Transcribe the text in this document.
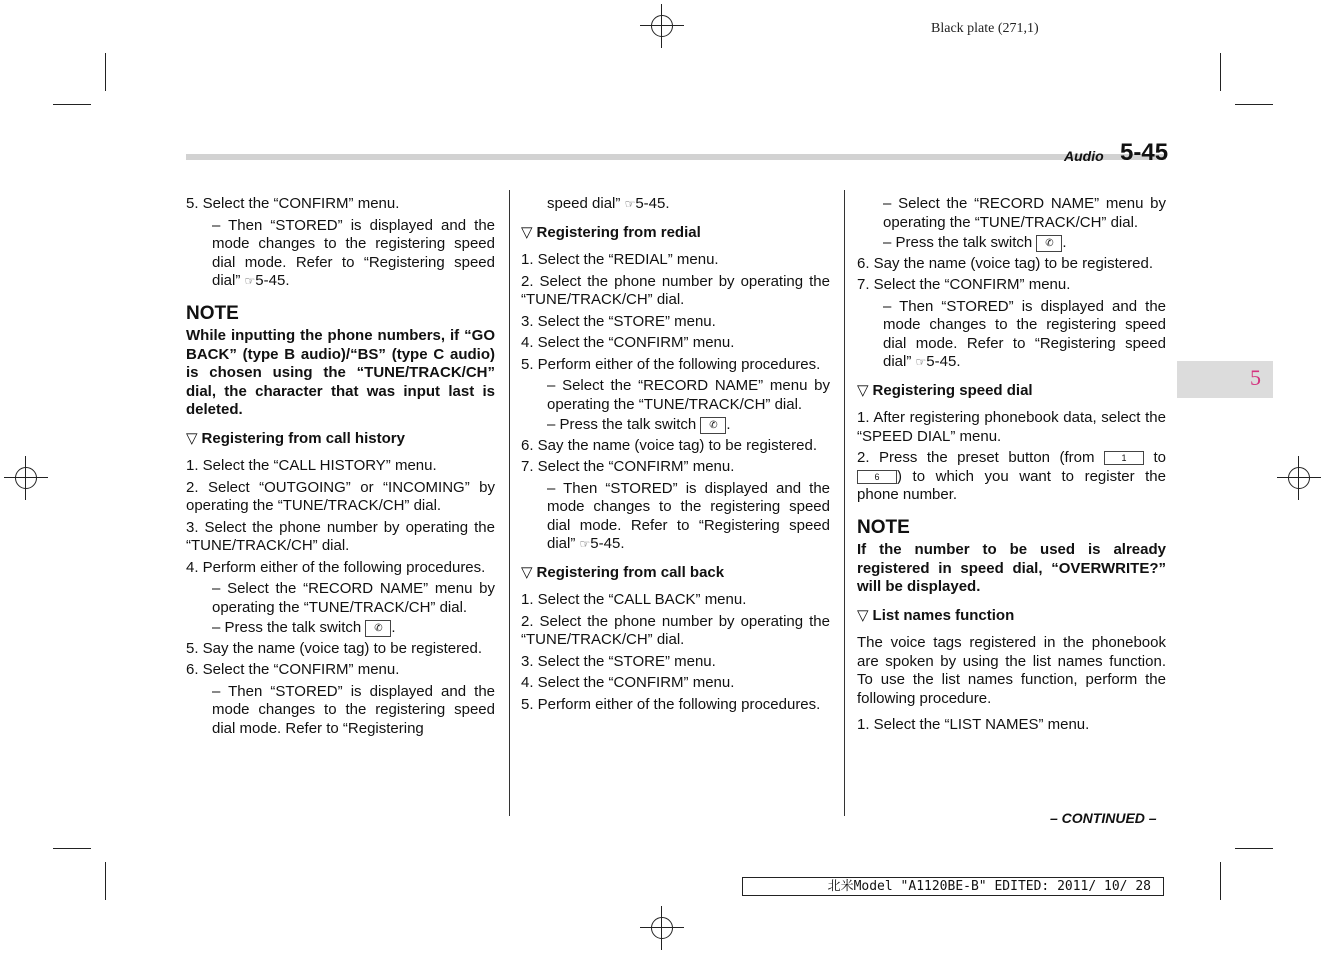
Black plate (271,1)
Audio 5-45
5

5. Select the “CONFIRM” menu.

– Then “STORED” is displayed and the mode changes to the registering speed dial mode. Refer to “Registering speed dial” ☞5-45.

NOTE

While inputting the phone numbers, if “GO BACK” (type B audio)/“BS” (type C audio) is chosen using the “TUNE/TRACK/CH” dial, the character that was input last is deleted.

▽ Registering from call history

1. Select the “CALL HISTORY” menu.

2. Select “OUTGOING” or “INCOMING” by operating the “TUNE/TRACK/CH” dial.

3. Select the phone number by operating the “TUNE/TRACK/CH” dial.

4. Perform either of the following procedures.

– Select the “RECORD NAME” menu by operating the “TUNE/TRACK/CH” dial.

– Press the talk switch ✆ .

5. Say the name (voice tag) to be registered.

6. Select the “CONFIRM” menu.

– Then “STORED” is displayed and the mode changes to the registering speed dial mode. Refer to “Registering

speed dial” ☞5-45.

▽ Registering from redial

1. Select the “REDIAL” menu.

2. Select the phone number by operating the “TUNE/TRACK/CH” dial.

3. Select the “STORE” menu.

4. Select the “CONFIRM” menu.

5. Perform either of the following procedures.

– Select the “RECORD NAME” menu by operating the “TUNE/TRACK/CH” dial.

– Press the talk switch ✆ .

6. Say the name (voice tag) to be registered.

7. Select the “CONFIRM” menu.

– Then “STORED” is displayed and the mode changes to the registering speed dial mode. Refer to “Registering speed dial” ☞5-45.

▽ Registering from call back

1. Select the “CALL BACK” menu.

2. Select the phone number by operating the “TUNE/TRACK/CH” dial.

3. Select the “STORE” menu.

4. Select the “CONFIRM” menu.

5. Perform either of the following procedures.

– Select the “RECORD NAME” menu by operating the “TUNE/TRACK/CH” dial.

– Press the talk switch ✆ .

6. Say the name (voice tag) to be registered.

7. Select the “CONFIRM” menu.

– Then “STORED” is displayed and the mode changes to the registering speed dial mode. Refer to “Registering speed dial” ☞5-45.

▽ Registering speed dial

1. After registering phonebook data, select the “SPEED DIAL” menu.

2. Press the preset button (from	1 to 6 ) to which you want to register the phone number.

NOTE

If the number to be used is already registered in speed dial, “OVERWRITE?” will be displayed.

▽ List names function

The voice tags registered in the phonebook are spoken by using the list names function. To use the list names function, perform the following procedure.

1. Select the “LIST NAMES” menu.

– CONTINUED –
北米Model "A1120BE-B" EDITED: 2011/ 10/ 28
